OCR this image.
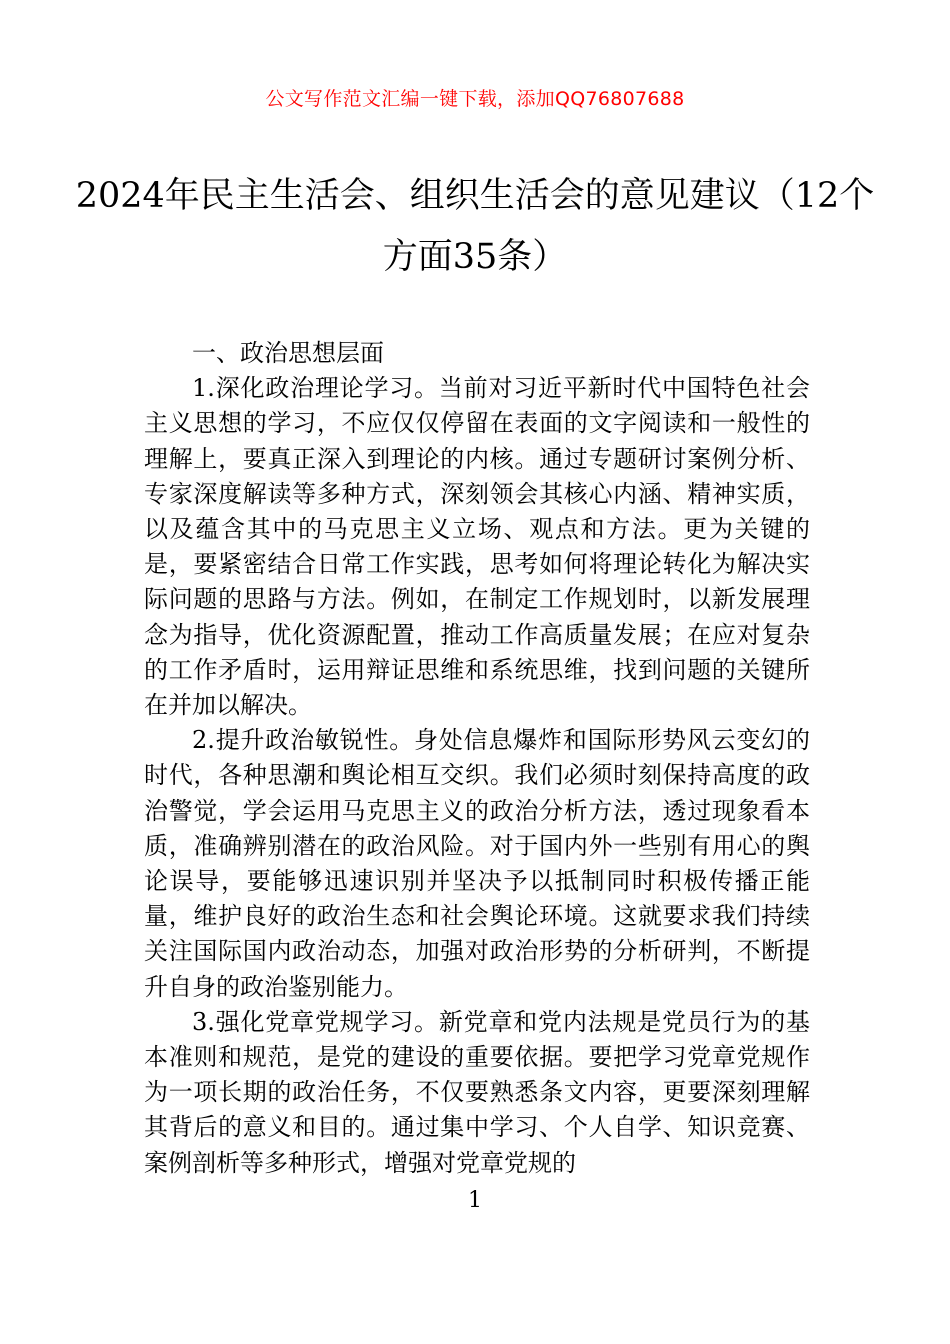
公文写作范文汇编一键下载，添加QQ76807688
2024年民主生活会、组织生活会的意见建议（12个方面35条）

一、政治思想层面

1.深化政治理论学习。当前对习近平新时代中国特色社会主义思想的学习，不应仅仅停留在表面的文字阅读和一般性的理解上，要真正深入到理论的内核。通过专题研讨案例分析、专家深度解读等多种方式，深刻领会其核心内涵、精神实质，以及蕴含其中的马克思主义立场、观点和方法。更为关键的是，要紧密结合日常工作实践，思考如何将理论转化为解决实际问题的思路与方法。例如，在制定工作规划时，以新发展理念为指导，优化资源配置，推动工作高质量发展；在应对复杂的工作矛盾时，运用辩证思维和系统思维，找到问题的关键所在并加以解决。

2.提升政治敏锐性。身处信息爆炸和国际形势风云变幻的时代，各种思潮和舆论相互交织。我们必须时刻保持高度的政治警觉，学会运用马克思主义的政治分析方法，透过现象看本质，准确辨别潜在的政治风险。对于国内外一些别有用心的舆论误导，要能够迅速识别并坚决予以抵制同时积极传播正能量，维护良好的政治生态和社会舆论环境。这就要求我们持续关注国际国内政治动态，加强对政治形势的分析研判，不断提升自身的政治鉴别能力。

3.强化党章党规学习。新党章和党内法规是党员行为的基本准则和规范，是党的建设的重要依据。要把学习党章党规作为一项长期的政治任务，不仅要熟悉条文内容，更要深刻理解其背后的意义和目的。通过集中学习、个人自学、知识竞赛、案例剖析等多种形式，增强对党章党规的

1
